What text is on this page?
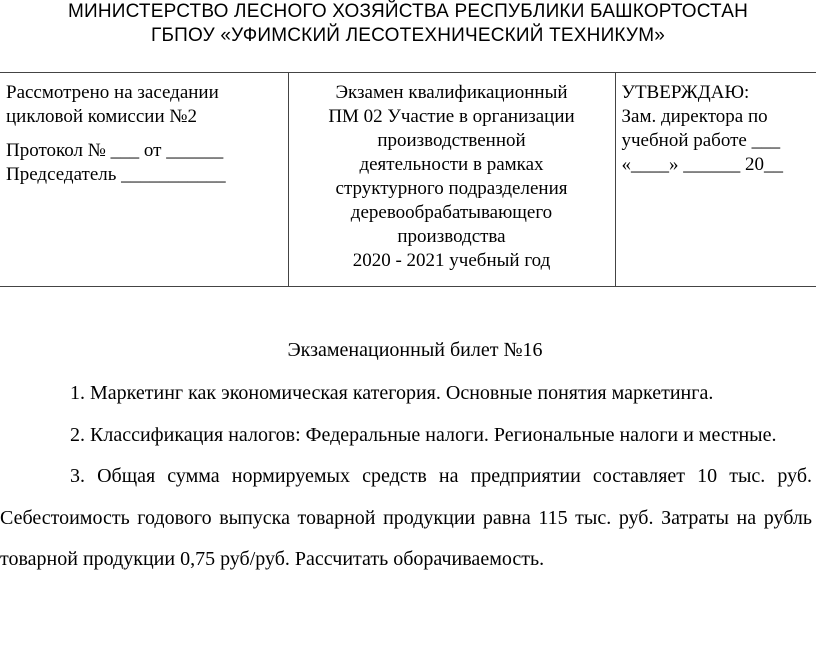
МИНИСТЕРСТВО ЛЕСНОГО ХОЗЯЙСТВА РЕСПУБЛИКИ БАШКОРТОСТАН
ГБПОУ «УФИМСКИЙ ЛЕСОТЕХНИЧЕСКИЙ ТЕХНИКУМ»
Рассмотрено на заседании
цикловой комиссии №2
Протокол № ___ от ______
Председатель ___________

Экзамен квалификационный
ПМ 02 Участие в организации
производственной
деятельности в рамках
структурного подразделения
деревообрабатывающего
производства
2020 - 2021 учебный год

УТВЕРЖДАЮ:
Зам. директора по
учебной работе ___
«____» ______ 20__
Экзаменационный билет №16

1. Маркетинг как экономическая категория. Основные понятия маркетинга.

2. Классификация налогов: Федеральные налоги. Региональные налоги и местные.

3. Общая сумма нормируемых средств на предприятии составляет 10 тыс. руб. Себестоимость годового выпуска товарной продукции равна 115 тыс. руб. Затраты на рубль товарной продукции 0,75 руб/руб. Рассчитать оборачиваемость.
